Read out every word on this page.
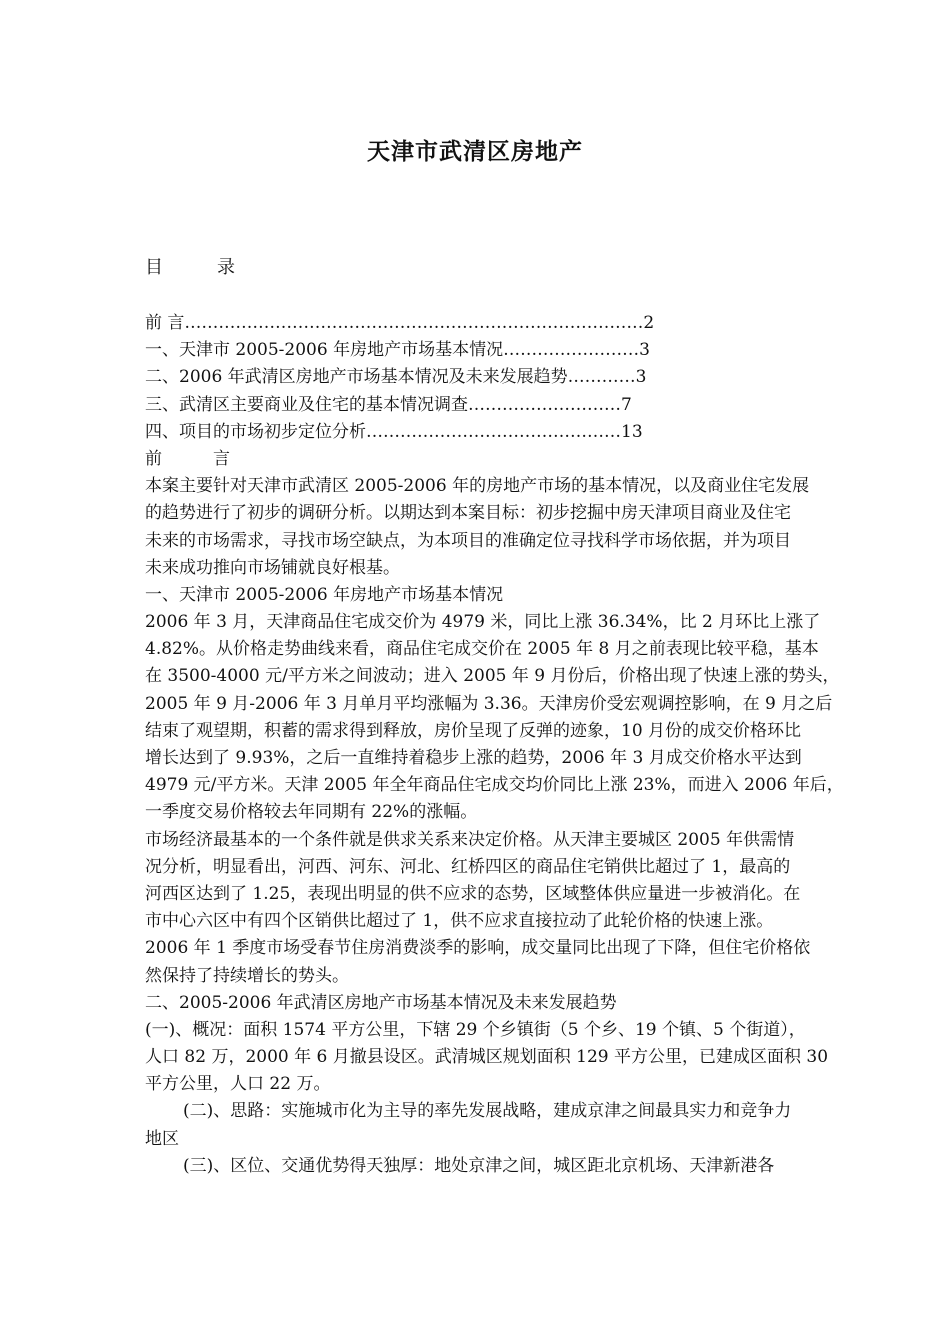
天津市武清区房地产
目　　　录
前 言………………………………………………………………………2
一、天津市 2005-2006 年房地产市场基本情况……………………3
二、2006 年武清区房地产市场基本情况及未来发展趋势…………3
三、武清区主要商业及住宅的基本情况调查………………………7
四、项目的市场初步定位分析………………………………………13
前　　　言
本案主要针对天津市武清区 2005-2006 年的房地产市场的基本情况，以及商业住宅发展
的趋势进行了初步的调研分析。以期达到本案目标：初步挖掘中房天津项目商业及住宅
未来的市场需求，寻找市场空缺点，为本项目的准确定位寻找科学市场依据，并为项目
未来成功推向市场铺就良好根基。
一、天津市 2005-2006 年房地产市场基本情况
2006 年 3 月，天津商品住宅成交价为 4979 米，同比上涨 36.34%，比 2 月环比上涨了
4.82%。从价格走势曲线来看，商品住宅成交价在 2005 年 8 月之前表现比较平稳，基本
在 3500-4000 元/平方米之间波动；进入 2005 年 9 月份后，价格出现了快速上涨的势头，
2005 年 9 月-2006 年 3 月单月平均涨幅为 3.36。天津房价受宏观调控影响，在 9 月之后
结束了观望期，积蓄的需求得到释放，房价呈现了反弹的迹象，10 月份的成交价格环比
增长达到了 9.93%，之后一直维持着稳步上涨的趋势，2006 年 3 月成交价格水平达到
4979 元/平方米。天津 2005 年全年商品住宅成交均价同比上涨 23%，而进入 2006 年后，
一季度交易价格较去年同期有 22%的涨幅。
市场经济最基本的一个条件就是供求关系来决定价格。从天津主要城区 2005 年供需情
况分析，明显看出，河西、河东、河北、红桥四区的商品住宅销供比超过了 1，最高的
河西区达到了 1.25，表现出明显的供不应求的态势，区域整体供应量进一步被消化。在
市中心六区中有四个区销供比超过了 1，供不应求直接拉动了此轮价格的快速上涨。
2006 年 1 季度市场受春节住房消费淡季的影响，成交量同比出现了下降，但住宅价格依
然保持了持续增长的势头。
二、2005-2006 年武清区房地产市场基本情况及未来发展趋势
(一)、概况：面积 1574 平方公里，下辖 29 个乡镇街（5 个乡、19 个镇、5 个街道），
人口 82 万，2000 年 6 月撤县设区。武清城区规划面积 129 平方公里，已建成区面积 30
平方公里，人口 22 万。
(二)、思路：实施城市化为主导的率先发展战略，建成京津之间最具实力和竞争力
地区
(三)、区位、交通优势得天独厚：地处京津之间，城区距北京机场、天津新港各
